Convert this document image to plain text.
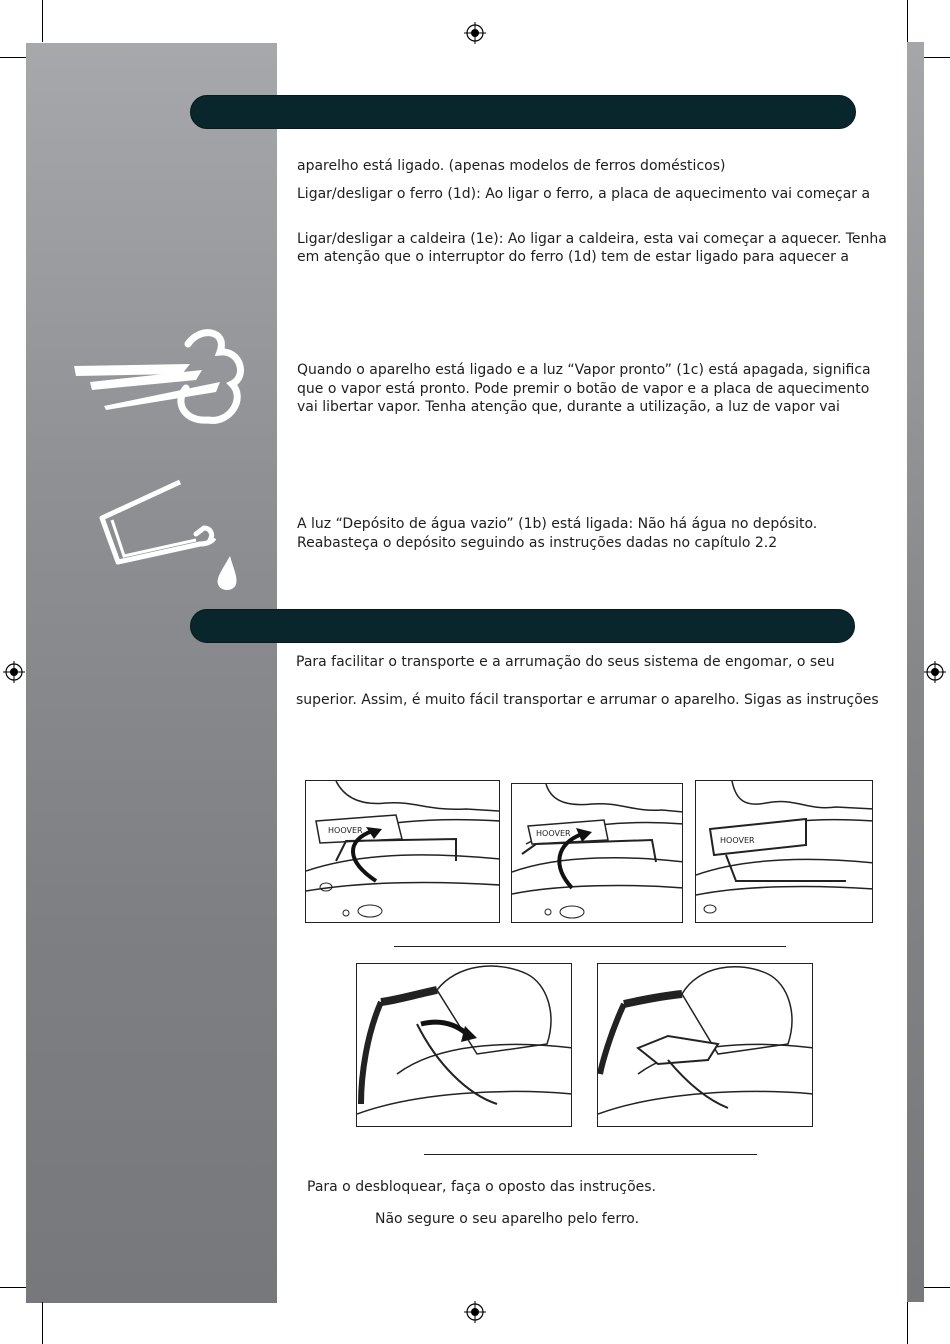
aparelho está ligado. (apenas modelos de ferros domésticos)
Ligar/desligar o ferro (1d): Ao ligar o ferro, a placa de aquecimento vai começar a
Ligar/desligar a caldeira (1e): Ao ligar a caldeira, esta vai começar a aquecer. Tenha
em atenção que o interruptor do ferro (1d) tem de estar ligado para aquecer a
Quando o aparelho está ligado e a luz “Vapor pronto” (1c) está apagada, significa
que o vapor está pronto. Pode premir o botão de vapor e a placa de aquecimento
vai libertar vapor. Tenha atenção que, durante a utilização, a luz de vapor vai
A luz “Depósito de água vazio” (1b) está ligada: Não há água no depósito.
Reabasteça o depósito seguindo as instruções dadas no capítulo 2.2
Para facilitar o transporte e a arrumação do seus sistema de engomar, o seu
superior. Assim, é muito fácil transportar e arrumar o aparelho. Sigas as instruções
HOOVER	HOOVER
HOOVER
Para o desbloquear, faça o oposto das instruções.
Não segure o seu aparelho pelo ferro.
